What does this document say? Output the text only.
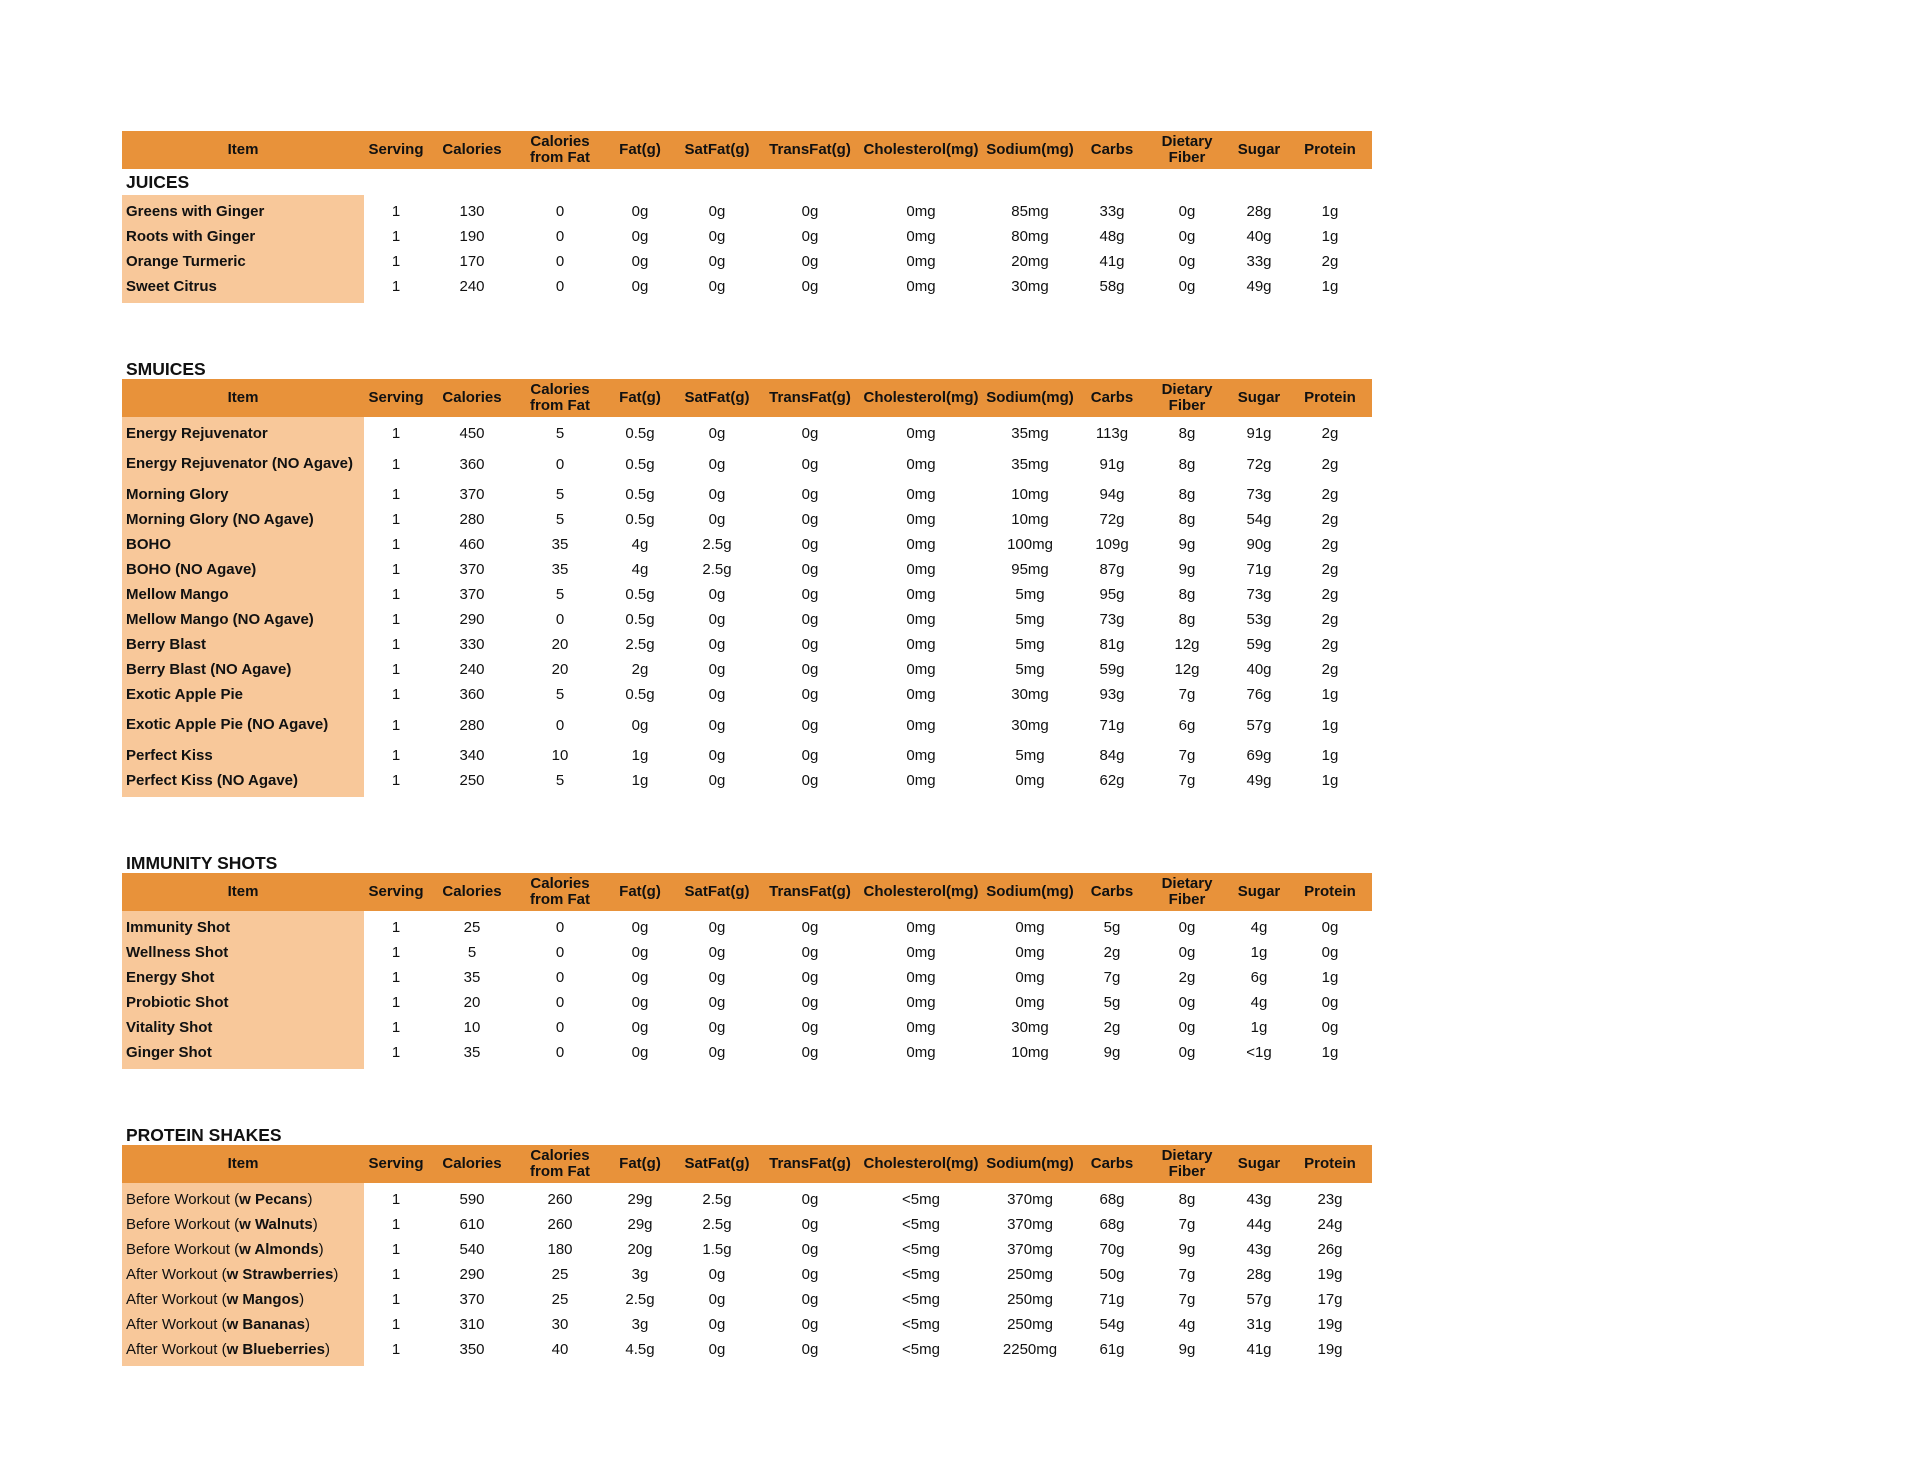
Item	Serving	Calories	Calories
from Fat	Fat(g)	SatFat(g)	TransFat(g) Cholesterol(mg) Sodium(mg)	Carbs	Dietary
Fiber	Sugar	Protein
JUICES
Greens with Ginger	1	130	0	0g	0g	0g	0mg	85mg	33g	0g	28g	1g
Roots with Ginger	1	190	0	0g	0g	0g	0mg	80mg	48g	0g	40g	1g
Orange Turmeric	1	170	0	0g	0g	0g	0mg	20mg	41g	0g	33g	2g
Sweet Citrus	1	240	0	0g	0g	0g	0mg	30mg	58g	0g	49g	1g
SMUICES
Item	Serving	Calories	Calories
from Fat	Fat(g)	SatFat(g)	TransFat(g) Cholesterol(mg) Sodium(mg)	Carbs	Dietary
Fiber	Sugar	Protein
Energy Rejuvenator	1	450	5	0.5g	0g	0g	0mg	35mg	113g	8g	91g	2g
Energy Rejuvenator (NO Agave)	1	360	0	0.5g	0g	0g	0mg	35mg	91g	8g	72g	2g
Morning Glory	1	370	5	0.5g	0g	0g	0mg	10mg	94g	8g	73g	2g
Morning Glory (NO Agave)	1	280	5	0.5g	0g	0g	0mg	10mg	72g	8g	54g	2g
BOHO	1	460	35	4g	2.5g	0g	0mg	100mg	109g	9g	90g	2g
BOHO (NO Agave)	1	370	35	4g	2.5g	0g	0mg	95mg	87g	9g	71g	2g
Mellow Mango	1	370	5	0.5g	0g	0g	0mg	5mg	95g	8g	73g	2g
Mellow Mango (NO Agave)	1	290	0	0.5g	0g	0g	0mg	5mg	73g	8g	53g	2g
Berry Blast	1	330	20	2.5g	0g	0g	0mg	5mg	81g	12g	59g	2g
Berry Blast (NO Agave)	1	240	20	2g	0g	0g	0mg	5mg	59g	12g	40g	2g
Exotic Apple Pie	1	360	5	0.5g	0g	0g	0mg	30mg	93g	7g	76g	1g
Exotic Apple Pie (NO Agave)	1	280	0	0g	0g	0g	0mg	30mg	71g	6g	57g	1g
Perfect Kiss	1	340	10	1g	0g	0g	0mg	5mg	84g	7g	69g	1g
Perfect Kiss (NO Agave)	1	250	5	1g	0g	0g	0mg	0mg	62g	7g	49g	1g
IMMUNITY SHOTS
Item	Serving	Calories	Calories
from Fat	Fat(g)	SatFat(g)	TransFat(g) Cholesterol(mg) Sodium(mg)	Carbs	Dietary
Fiber	Sugar	Protein
Immunity Shot	1	25	0	0g	0g	0g	0mg	0mg	5g	0g	4g	0g
Wellness Shot	1	5	0	0g	0g	0g	0mg	0mg	2g	0g	1g	0g
Energy Shot	1	35	0	0g	0g	0g	0mg	0mg	7g	2g	6g	1g
Probiotic Shot	1	20	0	0g	0g	0g	0mg	0mg	5g	0g	4g	0g
Vitality Shot	1	10	0	0g	0g	0g	0mg	30mg	2g	0g	1g	0g
Ginger Shot	1	35	0	0g	0g	0g	0mg	10mg	9g	0g	<1g	1g
PROTEIN SHAKES
Item	Serving	Calories	Calories
from Fat	Fat(g)	SatFat(g)	TransFat(g) Cholesterol(mg) Sodium(mg)	Carbs	Dietary
Fiber	Sugar	Protein
Before Workout (w Pecans)	1	590	260	29g	2.5g	0g	<5mg	370mg	68g	8g	43g	23g
Before Workout (w Walnuts)	1	610	260	29g	2.5g	0g	<5mg	370mg	68g	7g	44g	24g
Before Workout (w Almonds)	1	540	180	20g	1.5g	0g	<5mg	370mg	70g	9g	43g	26g
After Workout (w Strawberries)	1	290	25	3g	0g	0g	<5mg	250mg	50g	7g	28g	19g
After Workout (w Mangos)	1	370	25	2.5g	0g	0g	<5mg	250mg	71g	7g	57g	17g
After Workout (w Bananas)	1	310	30	3g	0g	0g	<5mg	250mg	54g	4g	31g	19g
After Workout (w Blueberries)	1	350	40	4.5g	0g	0g	<5mg	2250mg	61g	9g	41g	19g
